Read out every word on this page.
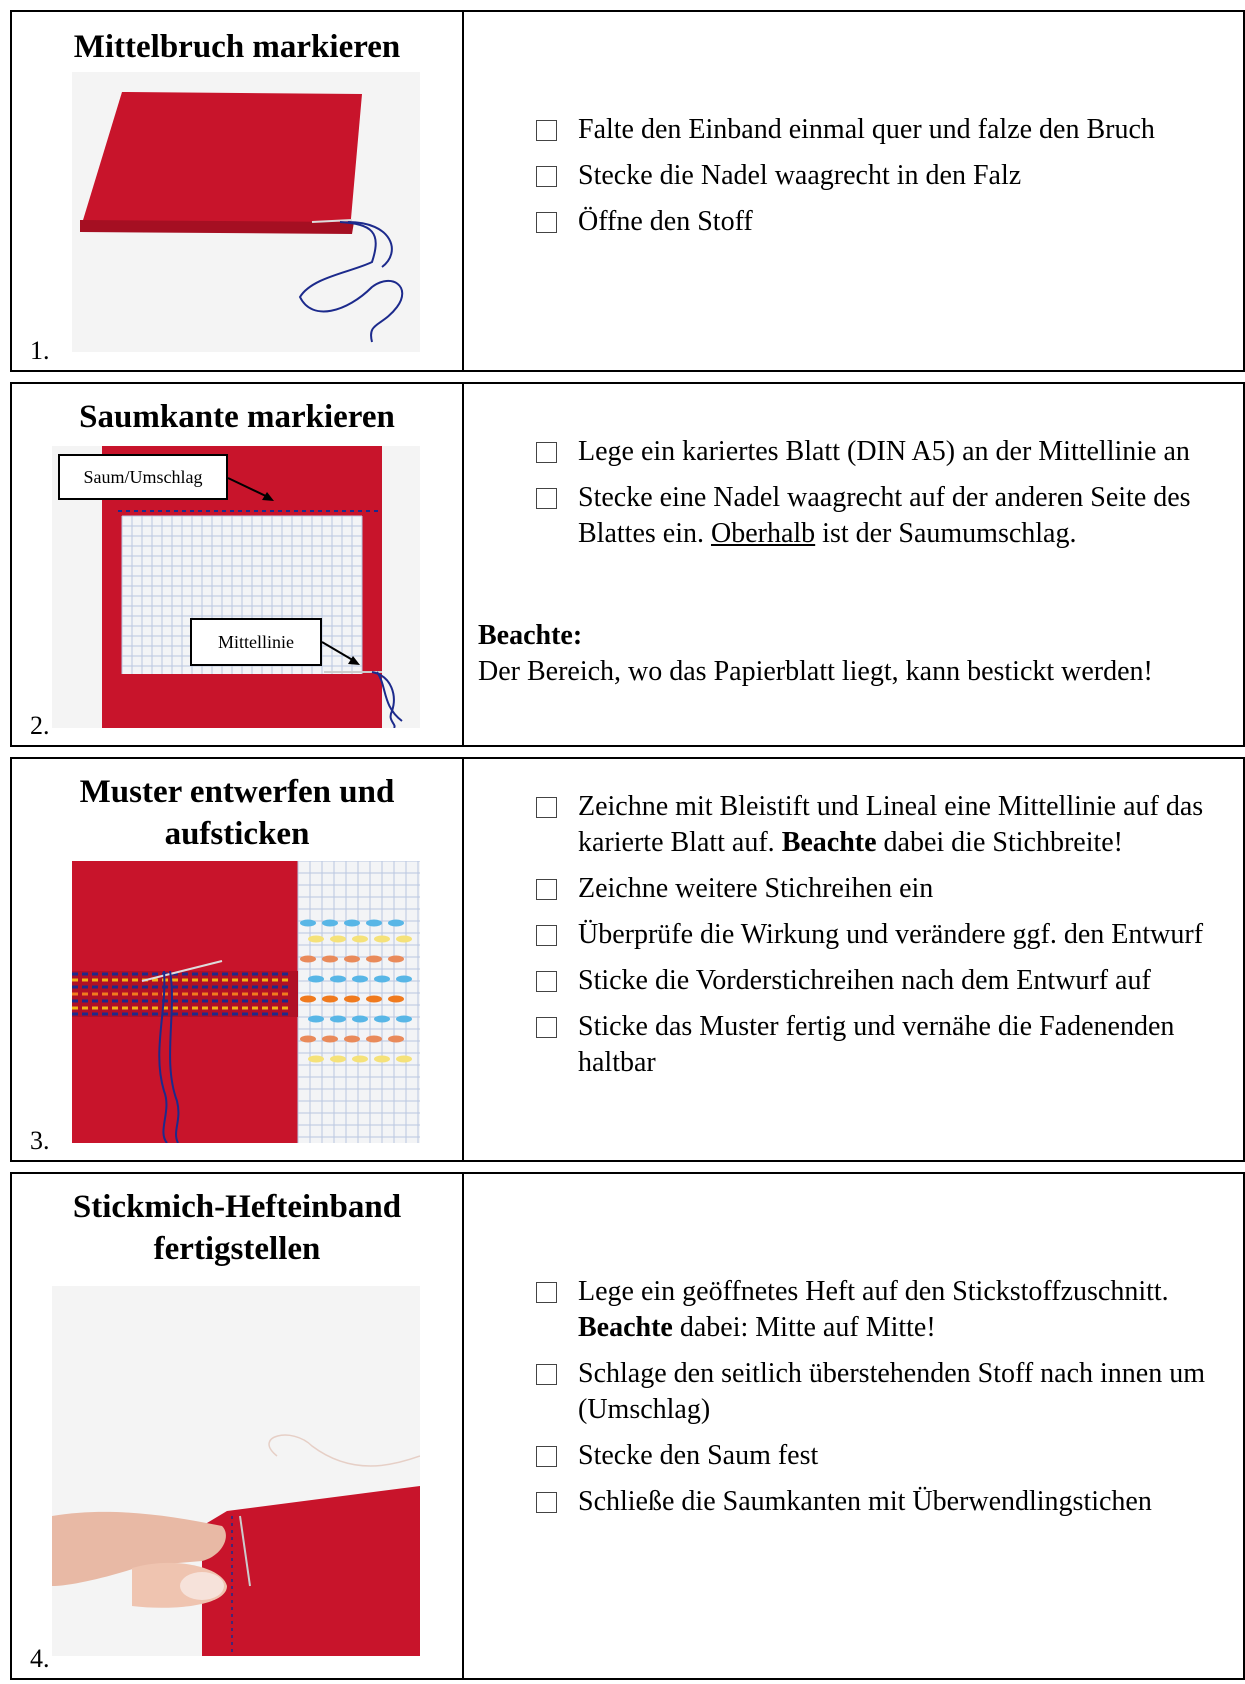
Mittelbruch markieren
1.
Falte den Einband einmal quer und falze den Bruch
Stecke die Nadel waagrecht in den Falz
Öffne den Stoff
Saumkante markieren
Saum/Umschlag
Mittellinie
2.
Lege ein kariertes Blatt (DIN A5) an der Mittellinie an
Stecke eine Nadel waagrecht auf der anderen Seite des Blattes ein. Oberhalb ist der Saumumschlag.
Beachte:
Der Bereich, wo das Papierblatt liegt, kann bestickt werden!
Muster entwerfen und aufsticken
3.
Zeichne mit Bleistift und Lineal eine Mittellinie auf das karierte Blatt auf. Beachte dabei die Stichbreite!
Zeichne weitere Stichreihen ein
Überprüfe die Wirkung und verändere ggf. den Entwurf
Sticke die Vorderstichreihen nach dem Entwurf auf
Sticke das Muster fertig und vernähe die Fadenenden haltbar
Stickmich-Hefteinband fertigstellen
4.
Lege ein geöffnetes Heft auf den Stickstoffzuschnitt. Beachte dabei: Mitte auf Mitte!
Schlage den seitlich überstehenden Stoff nach innen um (Umschlag)
Stecke den Saum fest
Schließe die Saumkanten mit Überwendlingstichen
